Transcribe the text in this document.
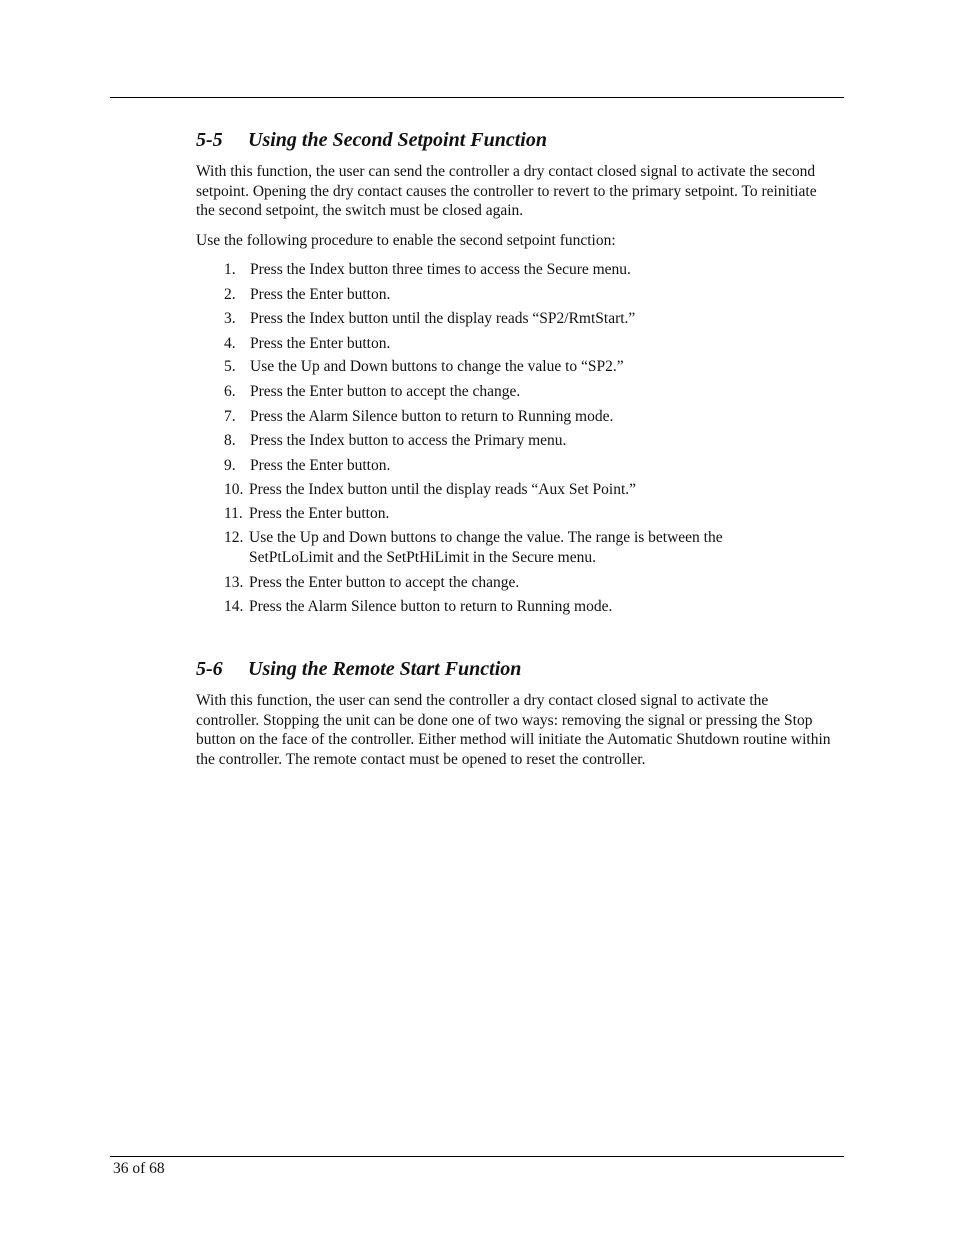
5-5 Using the Second Setpoint Function

With this function, the user can send the controller a dry contact closed signal to activate the second setpoint. Opening the dry contact causes the controller to revert to the primary setpoint. To reinitiate the second setpoint, the switch must be closed again.

Use the following procedure to enable the second setpoint function:

1. Press the Index button three times to access the Secure menu.
2. Press the Enter button.
3. Press the Index button until the display reads “SP2/RmtStart.”
4. Press the Enter button.
5. Use the Up and Down buttons to change the value to “SP2.”
6. Press the Enter button to accept the change.
7. Press the Alarm Silence button to return to Running mode.
8. Press the Index button to access the Primary menu.
9. Press the Enter button.
10. Press the Index button until the display reads “Aux Set Point.”
11. Press the Enter button.
12. Use the Up and Down buttons to change the value. The range is between the SetPtLoLimit and the SetPtHiLimit in the Secure menu.
13. Press the Enter button to accept the change.
14. Press the Alarm Silence button to return to Running mode.
5-6 Using the Remote Start Function

With this function, the user can send the controller a dry contact closed signal to activate the controller. Stopping the unit can be done one of two ways: removing the signal or pressing the Stop button on the face of the controller. Either method will initiate the Automatic Shutdown routine within the controller. The remote contact must be opened to reset the controller.

36 of 68
